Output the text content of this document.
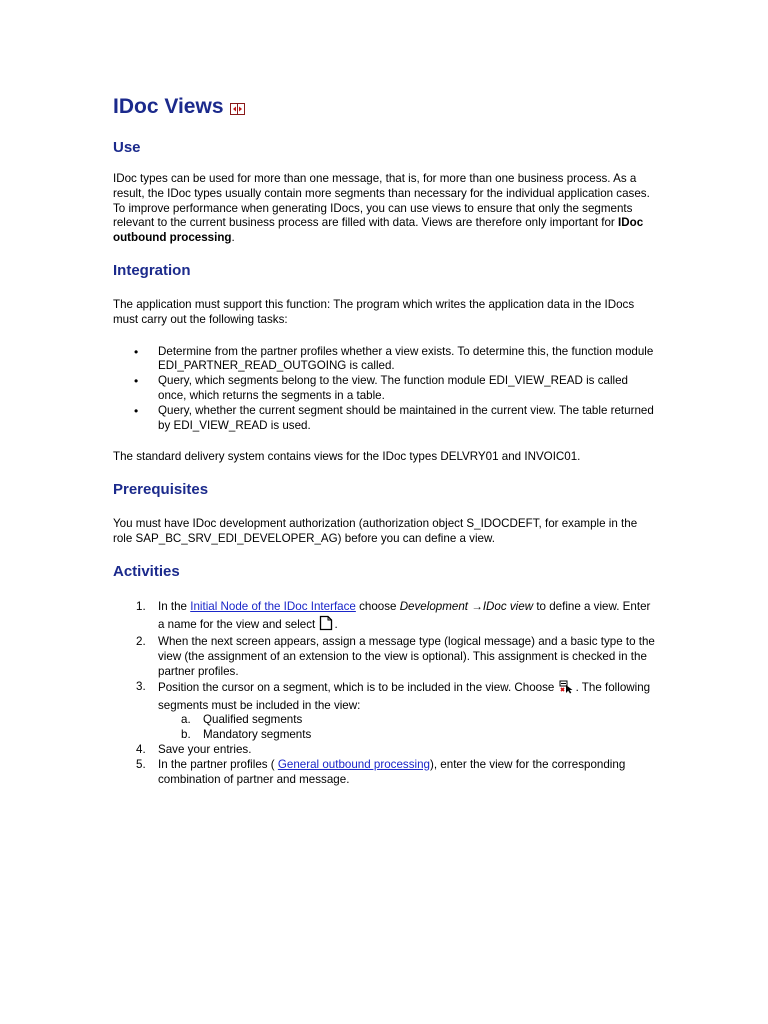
IDoc Views
Use

IDoc types can be used for more than one message, that is, for more than one business process. As a result, the IDoc types usually contain more segments than necessary for the individual application cases. To improve performance when generating IDocs, you can use views to ensure that only the segments relevant to the current business process are filled with data. Views are therefore only important for IDoc outbound processing.

Integration

The application must support this function: The program which writes the application data in the IDocs must carry out the following tasks:

• Determine from the partner profiles whether a view exists. To determine this, the function module EDI_PARTNER_READ_OUTGOING is called.
• Query, which segments belong to the view. The function module EDI_VIEW_READ is called once, which returns the segments in a table.
• Query, whether the current segment should be maintained in the current view. The table returned by EDI_VIEW_READ is used.

The standard delivery system contains views for the IDoc types DELVRY01 and INVOIC01.

Prerequisites

You must have IDoc development authorization (authorization object S_IDOCDEFT, for example in the role SAP_BC_SRV_EDI_DEVELOPER_AG) before you can define a view.

Activities
1. In the Initial Node of the IDoc Interface choose Development →IDoc view to define a view. Enter a name for the view and select .
2. When the next screen appears, assign a message type (logical message) and a basic type to the view (the assignment of an extension to the view is optional). This assignment is checked in the partner profiles.
3. Position the cursor on a segment, which is to be included in the view. Choose . The following segments must be included in the view:
a. Qualified segments
b. Mandatory segments
4. Save your entries.
5. In the partner profiles ( General outbound processing), enter the view for the corresponding combination of partner and message.
